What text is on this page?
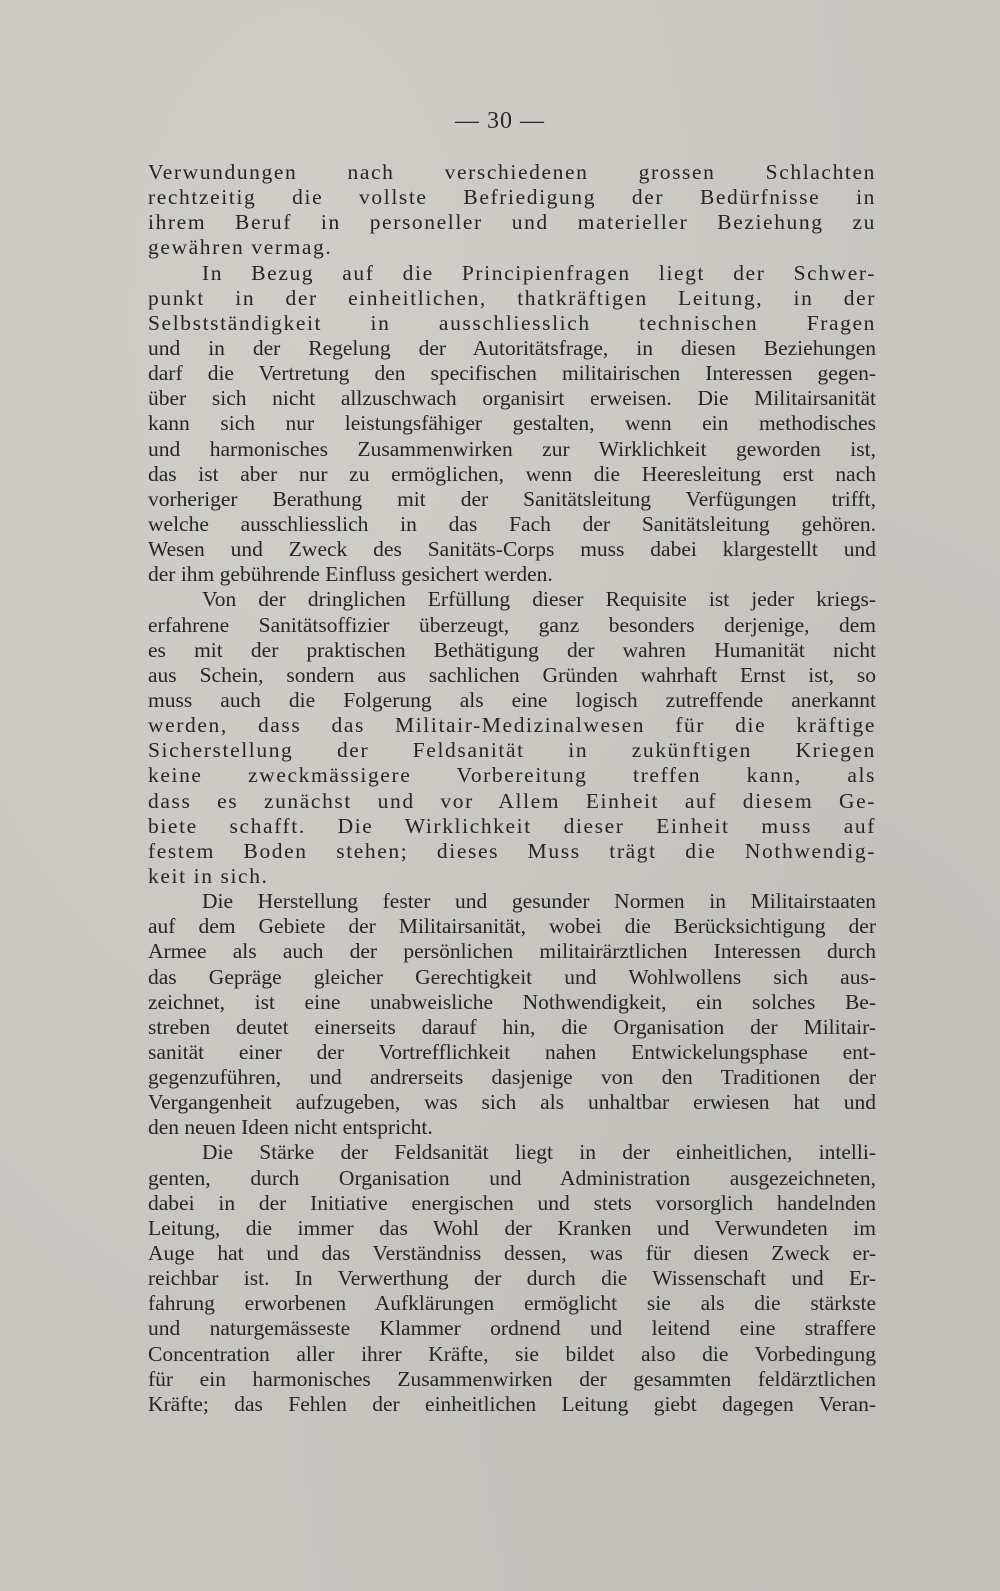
— 30 —
Verwundungen nach verschiedenen grossen Schlachten
rechtzeitig die vollste Befriedigung der Bedürfnisse in
ihrem Beruf in personeller und materieller Beziehung zu
gewähren vermag.
In Bezug auf die Principienfragen liegt der Schwer-
punkt in der einheitlichen, thatkräftigen Leitung, in der
Selbstständigkeit in ausschliesslich technischen Fragen
und in der Regelung der Autoritätsfrage, in diesen Beziehungen
darf die Vertretung den specifischen militairischen Interessen gegen-
über sich nicht allzuschwach organisirt erweisen. Die Militairsanität
kann sich nur leistungsfähiger gestalten, wenn ein methodisches
und harmonisches Zusammenwirken zur Wirklichkeit geworden ist,
das ist aber nur zu ermöglichen, wenn die Heeresleitung erst nach
vorheriger Berathung mit der Sanitätsleitung Verfügungen trifft,
welche ausschliesslich in das Fach der Sanitätsleitung gehören.
Wesen und Zweck des Sanitäts-Corps muss dabei klargestellt und
der ihm gebührende Einfluss gesichert werden.
Von der dringlichen Erfüllung dieser Requisite ist jeder kriegs-
erfahrene Sanitätsoffizier überzeugt, ganz besonders derjenige, dem
es mit der praktischen Bethätigung der wahren Humanität nicht
aus Schein, sondern aus sachlichen Gründen wahrhaft Ernst ist, so
muss auch die Folgerung als eine logisch zutreffende anerkannt
werden, dass das Militair-Medizinalwesen für die kräftige
Sicherstellung der Feldsanität in zukünftigen Kriegen
keine zweckmässigere Vorbereitung treffen kann, als
dass es zunächst und vor Allem Einheit auf diesem Ge-
biete schafft. Die Wirklichkeit dieser Einheit muss auf
festem Boden stehen; dieses Muss trägt die Nothwendig-
keit in sich.
Die Herstellung fester und gesunder Normen in Militairstaaten
auf dem Gebiete der Militairsanität, wobei die Berücksichtigung der
Armee als auch der persönlichen militairärztlichen Interessen durch
das Gepräge gleicher Gerechtigkeit und Wohlwollens sich aus-
zeichnet, ist eine unabweisliche Nothwendigkeit, ein solches Be-
streben deutet einerseits darauf hin, die Organisation der Militair-
sanität einer der Vortrefflichkeit nahen Entwickelungsphase ent-
gegenzuführen, und andrerseits dasjenige von den Traditionen der
Vergangenheit aufzugeben, was sich als unhaltbar erwiesen hat und
den neuen Ideen nicht entspricht.
Die Stärke der Feldsanität liegt in der einheitlichen, intelli-
genten, durch Organisation und Administration ausgezeichneten,
dabei in der Initiative energischen und stets vorsorglich handelnden
Leitung, die immer das Wohl der Kranken und Verwundeten im
Auge hat und das Verständniss dessen, was für diesen Zweck er-
reichbar ist. In Verwerthung der durch die Wissenschaft und Er-
fahrung erworbenen Aufklärungen ermöglicht sie als die stärkste
und naturgemässeste Klammer ordnend und leitend eine straffere
Concentration aller ihrer Kräfte, sie bildet also die Vorbedingung
für ein harmonisches Zusammenwirken der gesammten feldärztlichen
Kräfte; das Fehlen der einheitlichen Leitung giebt dagegen Veran-
